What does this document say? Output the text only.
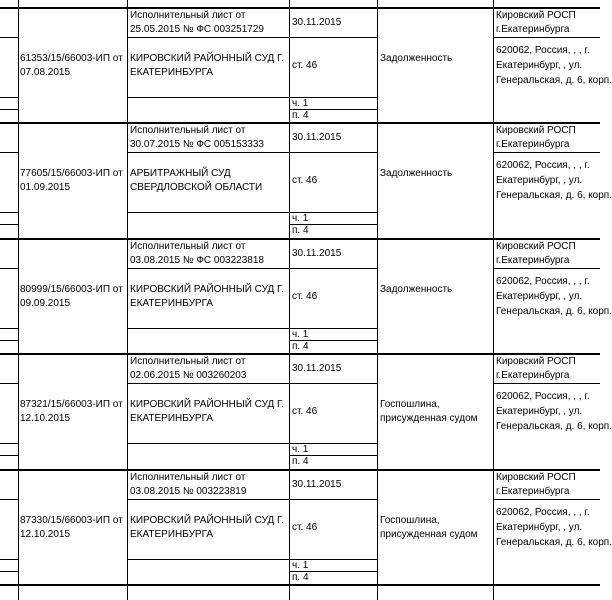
61353/15/66003-ИП от
07.08.2015
Исполнительный лист от
25.05.2015 № ФС 003251729
КИРОВСКИЙ РАЙОННЫЙ СУД Г.
ЕКАТЕРИНБУРГА
30.11.2015
ст. 46
ч. 1
п. 4
Задолженность
Кировский РОСП
г.Екатеринбурга
620062, Россия, , , г.
Екатеринбург, , ул.
Генеральская, д. 6, корп.
77605/15/66003-ИП от
01.09.2015
Исполнительный лист от
30.07.2015 № ФС 005153333
АРБИТРАЖНЫЙ СУД
СВЕРДЛОВСКОЙ ОБЛАСТИ
30.11.2015
ст. 46
ч. 1
п. 4
Задолженность
Кировский РОСП
г.Екатеринбурга
620062, Россия, , , г.
Екатеринбург, , ул.
Генеральская, д. 6, корп.
80999/15/66003-ИП от
09.09.2015
Исполнительный лист от
03.08.2015 № ФС 003223818
КИРОВСКИЙ РАЙОННЫЙ СУД Г.
ЕКАТЕРИНБУРГА
30.11.2015
ст. 46
ч. 1
п. 4
Задолженность
Кировский РОСП
г.Екатеринбурга
620062, Россия, , , г.
Екатеринбург, , ул.
Генеральская, д. 6, корп.
87321/15/66003-ИП от
12.10.2015
Исполнительный лист от
02.06.2015 № 003260203
КИРОВСКИЙ РАЙОННЫЙ СУД Г.
ЕКАТЕРИНБУРГА
30.11.2015
ст. 46
ч. 1
п. 4
Госпошлина,
присужденная судом
Кировский РОСП
г.Екатеринбурга
620062, Россия, , , г.
Екатеринбург, , ул.
Генеральская, д. 6, корп.
87330/15/66003-ИП от
12.10.2015
Исполнительный лист от
03.08.2015 № 003223819
КИРОВСКИЙ РАЙОННЫЙ СУД Г.
ЕКАТЕРИНБУРГА
30.11.2015
ст. 46
ч. 1
п. 4
Госпошлина,
присужденная судом
Кировский РОСП
г.Екатеринбурга
620062, Россия, , , г.
Екатеринбург, , ул.
Генеральская, д. 6, корп.
